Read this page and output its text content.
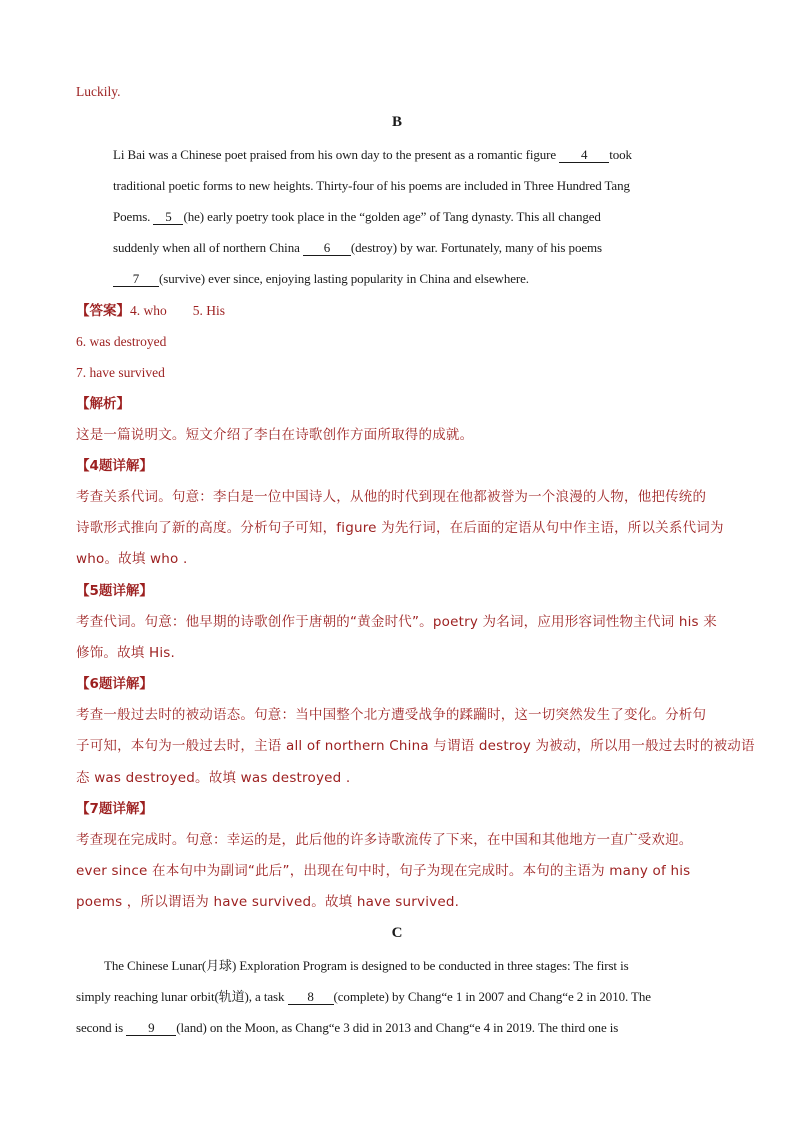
Luckily.
B
Li Bai was a Chinese poet praised from his own day to the present as a romantic figure 4 took
traditional poetic forms to new heights. Thirty-four of his poems are included in Three Hundred Tang
Poems. 5 (he) early poetry took place in the “golden age” of Tang dynasty. This all changed
suddenly when all of northern China 6 (destroy) by war. Fortunately, many of his poems
7 (survive) ever since, enjoying lasting popularity in China and elsewhere.
【答案】4. who 5. His
6. was destroyed
7. have survived
【解析】
这是一篇说明文。短文介绍了李白在诗歌创作方面所取得的成就。
【4题详解】
考查关系代词。句意：李白是一位中国诗人，从他的时代到现在他都被誉为一个浪漫的人物，他把传统的
诗歌形式推向了新的高度。分析句子可知，figure 为先行词，在后面的定语从句中作主语，所以关系代词为
who。故填 who .
【5题详解】
考查代词。句意：他早期的诗歌创作于唐朝的“黄金时代”。poetry 为名词，应用形容词性物主代词 his 来
修饰。故填 His.
【6题详解】
考查一般过去时的被动语态。句意：当中国整个北方遭受战争的蹂躏时，这一切突然发生了变化。分析句
子可知，本句为一般过去时，主语 all of northern China 与谓语 destroy 为被动，所以用一般过去时的被动语
态 was destroyed。故填 was destroyed .
【7题详解】
考查现在完成时。句意：幸运的是，此后他的许多诗歌流传了下来，在中国和其他地方一直广受欢迎。
ever since 在本句中为副词“此后”，出现在句中时，句子为现在完成时。本句的主语为 many of his
poems ，所以谓语为 have survived。故填 have survived.
C
The Chinese Lunar(月球) Exploration Program is designed to be conducted in three stages: The first is
simply reaching lunar orbit(轨道), a task 8 (complete) by Chang“e 1 in 2007 and Chang“e 2 in 2010. The
second is 9 (land) on the Moon, as Chang“e 3 did in 2013 and Chang“e 4 in 2019. The third one is
